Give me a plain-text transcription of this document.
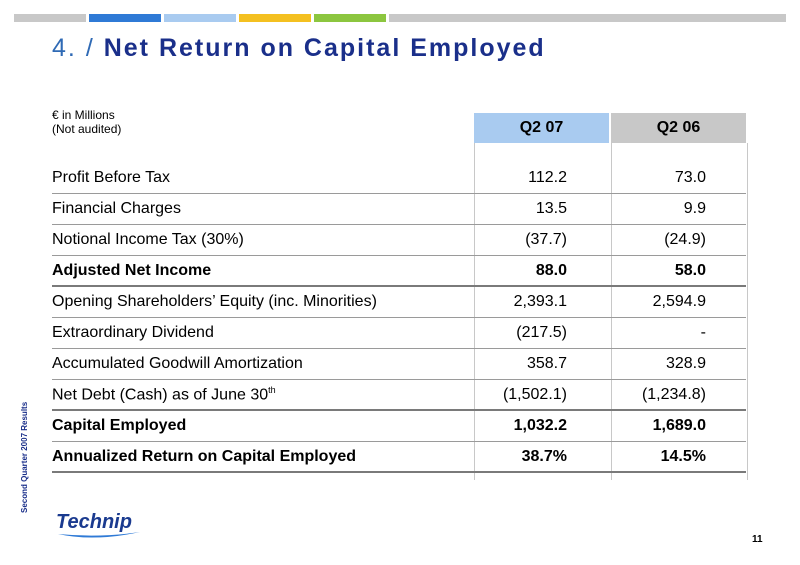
4. / Net Return on Capital Employed
€ in Millions
(Not audited)	Q2 07	Q2 06
Profit Before Tax	112.2	73.0
Financial Charges	13.5	9.9
Notional Income Tax (30%)	(37.7)	(24.9)
Adjusted Net Income	88.0	58.0
Opening Shareholders’ Equity (inc. Minorities)	2,393.1	2,594.9
Extraordinary Dividend	(217.5)	-
Accumulated Goodwill Amortization	358.7	328.9
Net Debt (Cash) as of June 30th	(1,502.1)	(1,234.8)
Capital Employed	1,032.2	1,689.0
Annualized Return on Capital Employed	38.7%	14.5%
Second Quarter 2007 Results
Technip
11
